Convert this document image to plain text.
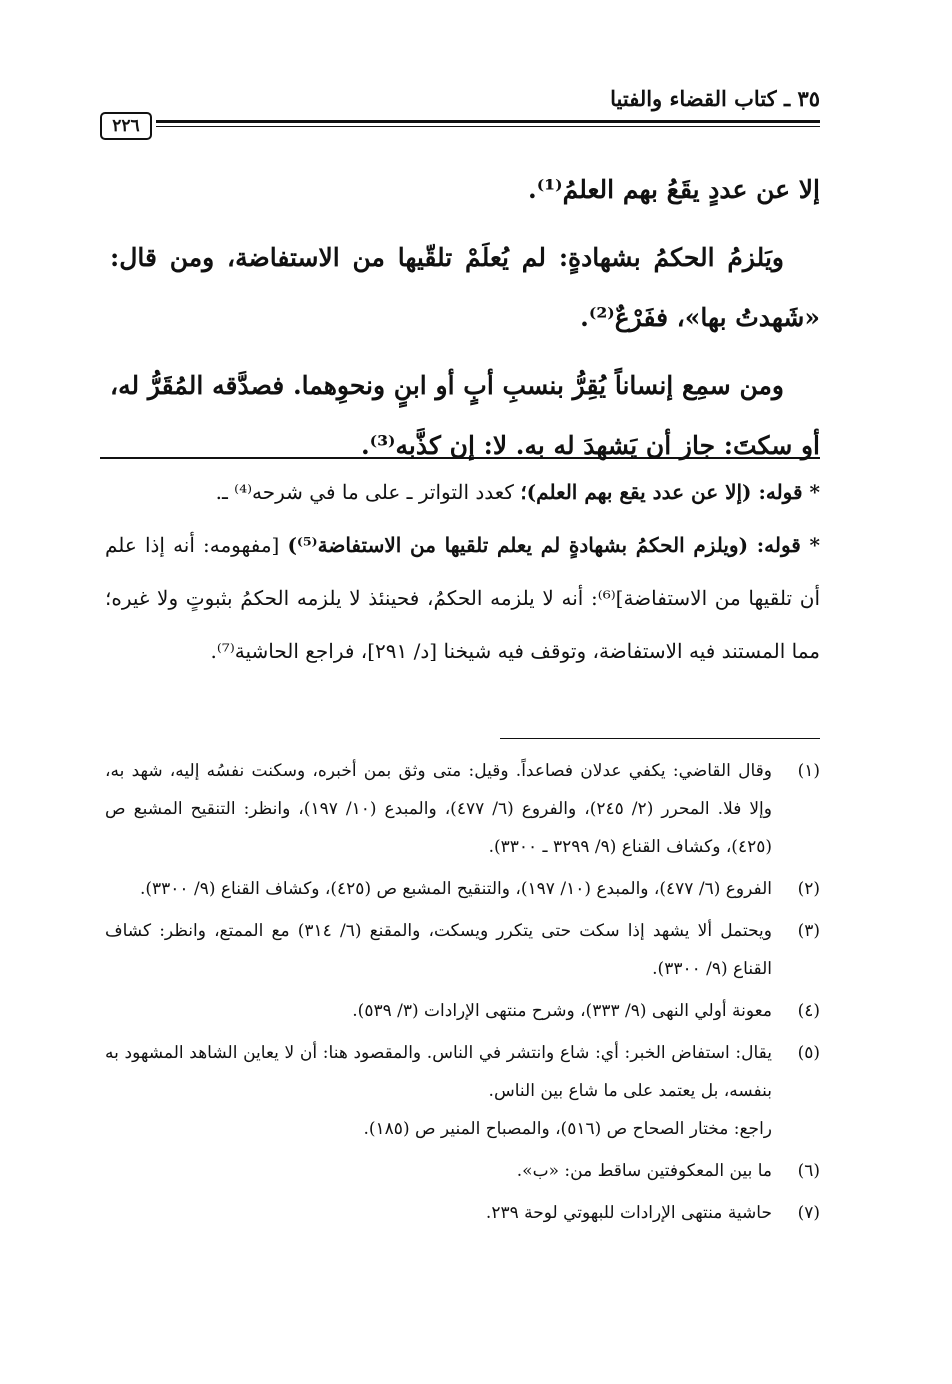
٣٥ ـ كتاب القضاء والفتيا
٢٢٦

إلا عن عددٍ يقَعُ بهم العلمُ⁽¹⁾.

ويَلزمُ الحكمُ بشهادةٍ: لم يُعلَمْ تلقّيها من الاستفاضة، ومن قال: «شَهدتُ بها»، ففَرْعٌ⁽²⁾.

ومن سمِع إنساناً يُقِرُّ بنسبِ أبٍ أو ابنٍ ونحوِهما. فصدَّقه المُقَرُّ له، أو سكتَ: جاز أن يَشهدَ له به. لا: إن كذَّبه⁽³⁾.

* قوله: (إلا عن عدد يقع بهم العلم)؛ كعدد التواتر ـ على ما في شرحه⁽⁴⁾ ـ.

* قوله: (ويلزم الحكمُ بشهادةٍ لم يعلم تلقيها من الاستفاضة⁽⁵⁾) [مفهومه: أنه إذا علم أن تلقيها من الاستفاضة]⁽⁶⁾: أنه لا يلزمه الحكمُ، فحينئذ لا يلزمه الحكمُ بثبوتٍ ولا غيره؛ مما المستند فيه الاستفاضة، وتوقف فيه شيخنا [د/ ٢٩١]، فراجع الحاشية⁽⁷⁾.

(١)

وقال القاضي: يكفي عدلان فصاعداً. وقيل: متى وثق بمن أخبره، وسكنت نفسُه إليه، شهد به، وإلا فلا. المحرر (٢/ ٢٤٥)، والفروع (٦/ ٤٧٧)، والمبدع (١٠/ ١٩٧)، وانظر: التنقيح المشبع ص (٤٢٥)، وكشاف القناع (٩/ ٣٢٩٩ ـ ٣٣٠٠).

(٢)

الفروع (٦/ ٤٧٧)، والمبدع (١٠/ ١٩٧)، والتنقيح المشبع ص (٤٢٥)، وكشاف القناع (٩/ ٣٣٠٠).

(٣)

ويحتمل ألا يشهد إذا سكت حتى يتكرر ويسكت، والمقنع (٦/ ٣١٤) مع الممتع، وانظر: كشاف القناع (٩/ ٣٣٠٠).

(٤)

معونة أولي النهى (٩/ ٣٣٣)، وشرح منتهى الإرادات (٣/ ٥٣٩).

(٥)

يقال: استفاض الخبر: أي: شاع وانتشر في الناس. والمقصود هنا: أن لا يعاين الشاهد المشهود به بنفسه، بل يعتمد على ما شاع بين الناس.

راجع: مختار الصحاح ص (٥١٦)، والمصباح المنير ص (١٨٥).

(٦)

ما بين المعكوفتين ساقط من: «ب».

(٧)

حاشية منتهى الإرادات للبهوتي لوحة ٢٣٩.
